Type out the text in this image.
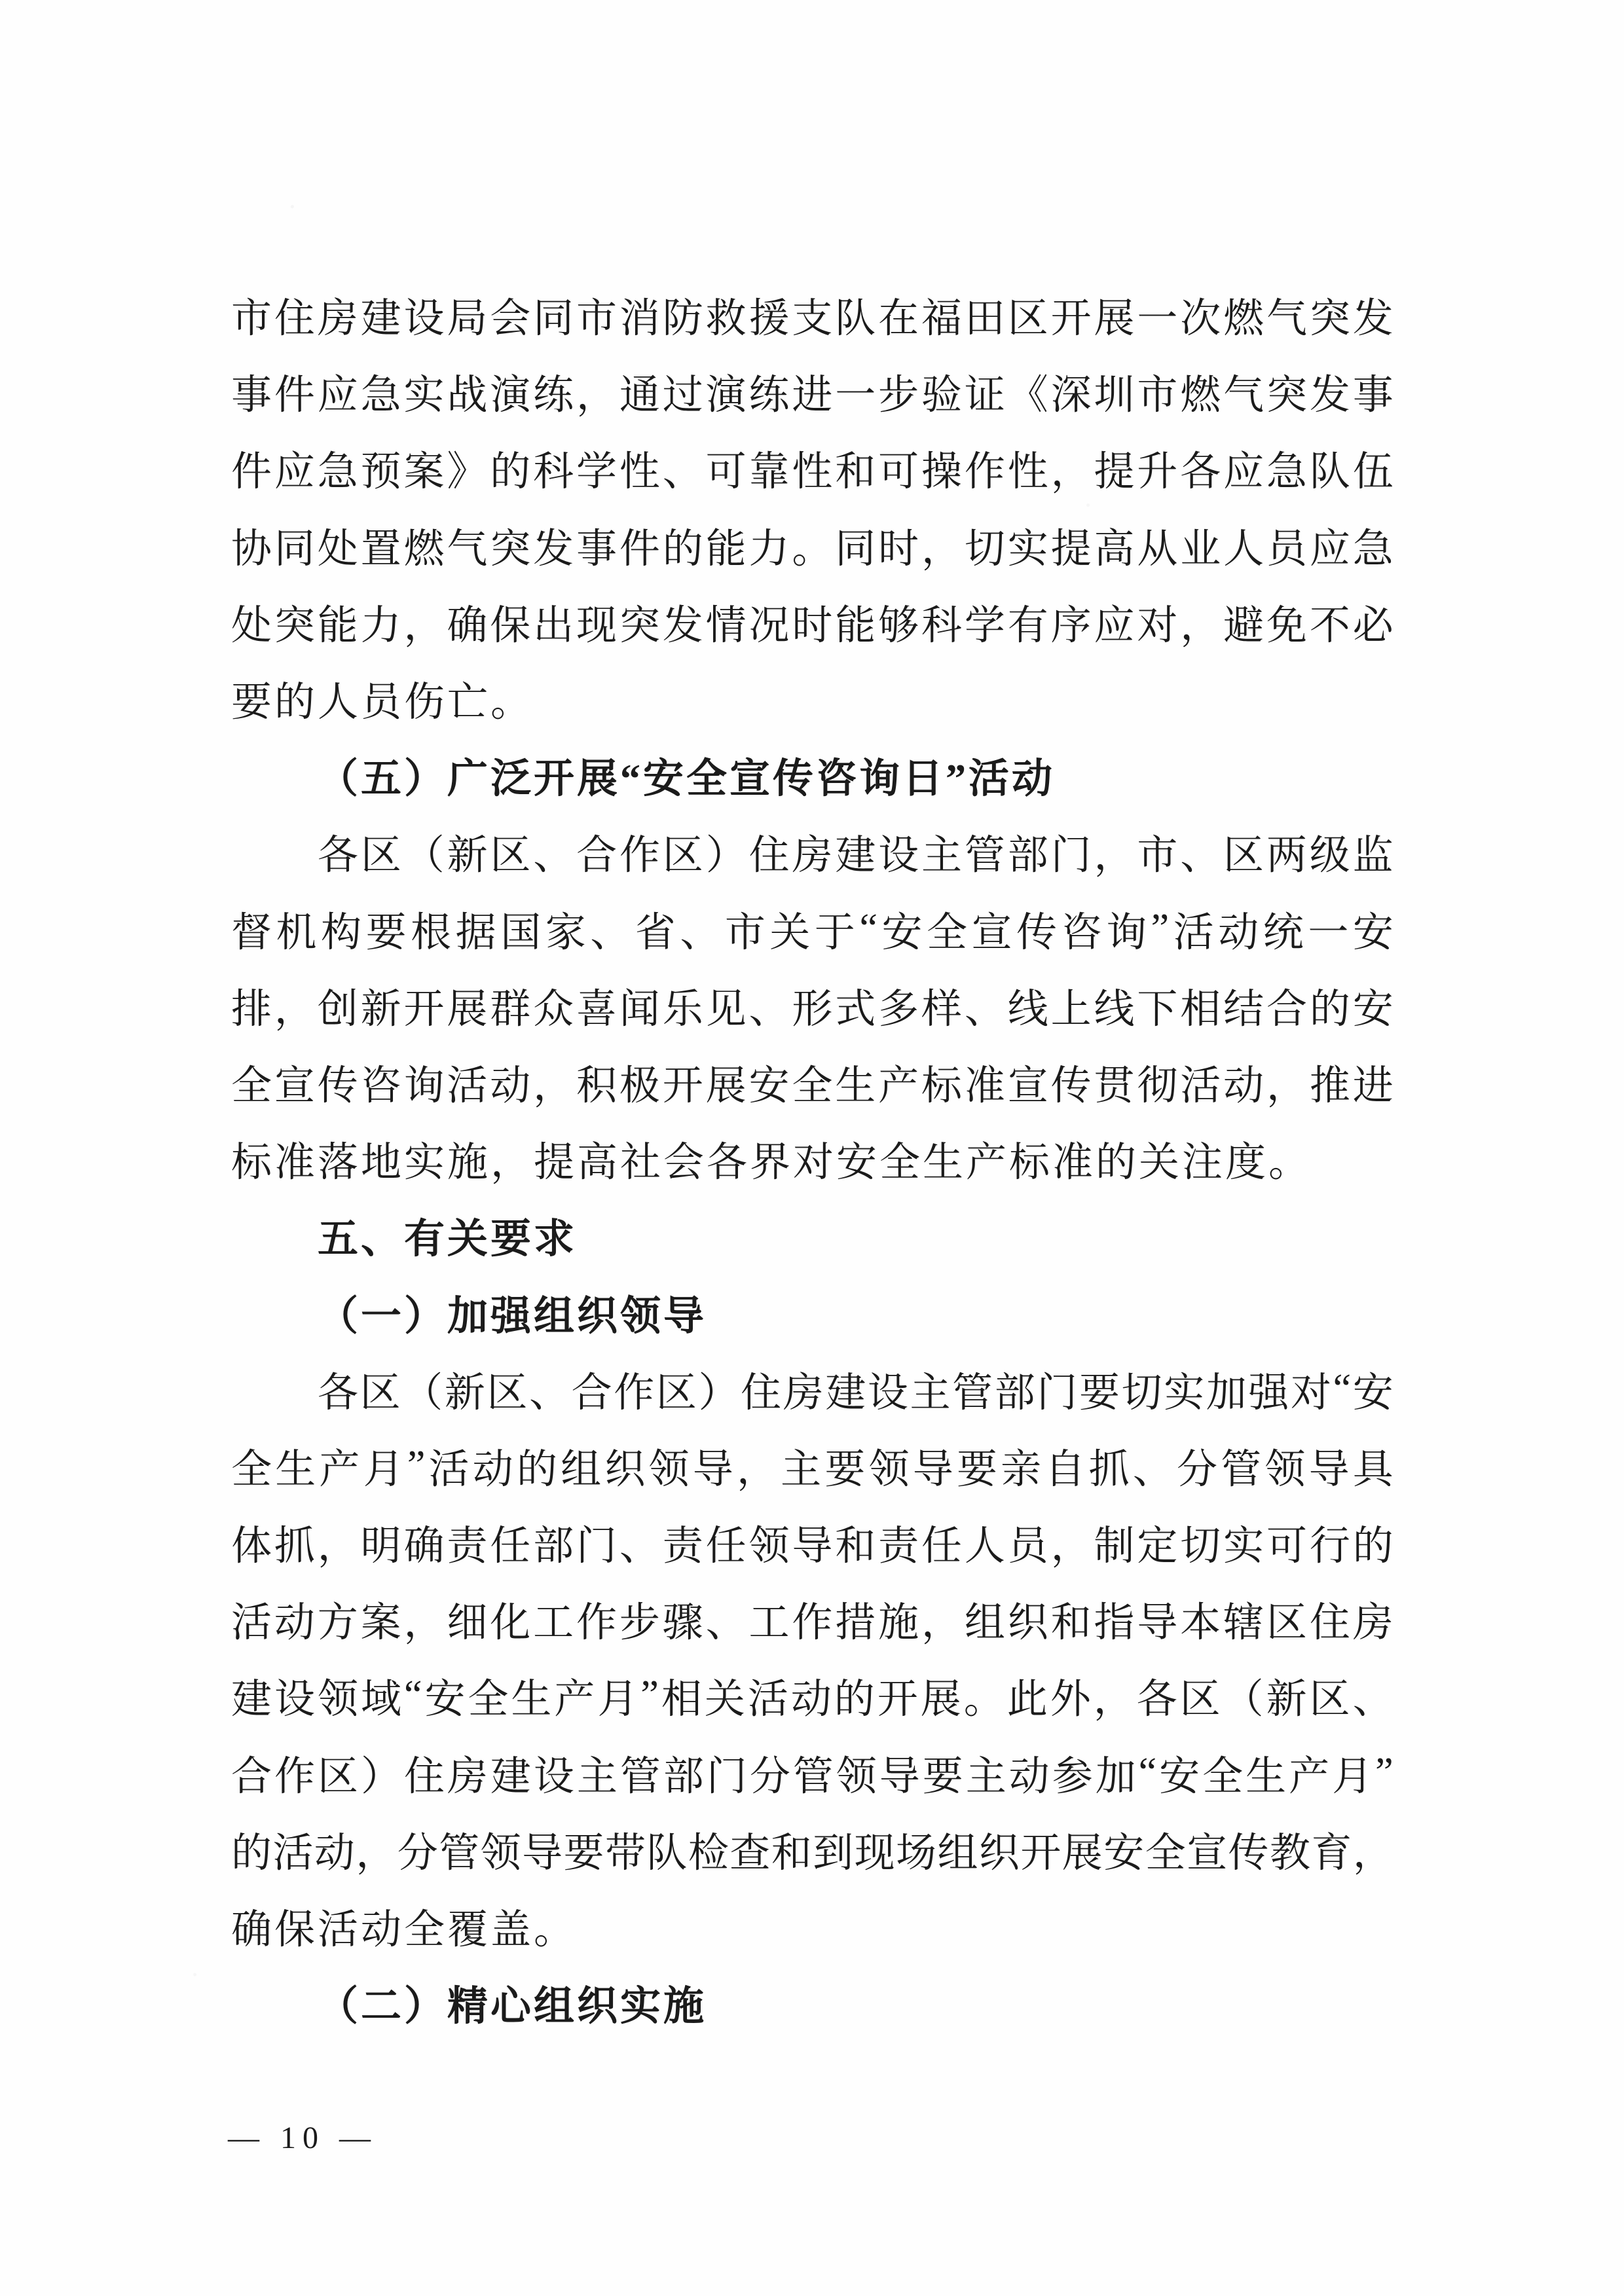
市 住 房 建 设 局 会 同 市 消 防 救 援 支 队 在 福 田 区 开 展 一 次 燃 气 突 发
事 件 应 急 实 战 演 练 ， 通 过 演 练 进 一 步 验 证 《 深 圳 市 燃 气 突 发 事
件 应 急 预 案 》 的 科 学 性 、 可 靠 性 和 可 操 作 性 ， 提 升 各 应 急 队 伍
协 同 处 置 燃 气 突 发 事 件 的 能 力 。 同 时 ， 切 实 提 高 从 业 人 员 应 急
处 突 能 力 ， 确 保 出 现 突 发 情 况 时 能 够 科 学 有 序 应 对 ， 避 免 不 必
要的人员伤亡。
（五）广泛开展“安全宣传咨询日”活动
各 区 （ 新 区 、 合 作 区 ） 住 房 建 设 主 管 部 门 ， 市 、 区 两 级 监
督 机 构 要 根 据 国 家 、 省 、 市 关 于 “ 安 全 宣 传 咨 询 ” 活 动 统 一 安
排 ， 创 新 开 展 群 众 喜 闻 乐 见 、 形 式 多 样 、 线 上 线 下 相 结 合 的 安
全 宣 传 咨 询 活 动 ， 积 极 开 展 安 全 生 产 标 准 宣 传 贯 彻 活 动 ， 推 进
标准落地实施，提高社会各界对安全生产标准的关注度。
五、有关要求
（一）加强组织领导
各 区 （ 新 区 、 合 作 区 ） 住 房 建 设 主 管 部 门 要 切 实 加 强 对 “ 安
全 生 产 月 ” 活 动 的 组 织 领 导 ， 主 要 领 导 要 亲 自 抓 、 分 管 领 导 具
体 抓 ， 明 确 责 任 部 门 、 责 任 领 导 和 责 任 人 员 ， 制 定 切 实 可 行 的
活 动 方 案 ， 细 化 工 作 步 骤 、 工 作 措 施 ， 组 织 和 指 导 本 辖 区 住 房
建 设 领 域 “ 安 全 生 产 月 ” 相 关 活 动 的 开 展 。 此 外 ， 各 区 （ 新 区 、
合 作 区 ） 住 房 建 设 主 管 部 门 分 管 领 导 要 主 动 参 加 “ 安 全 生 产 月 ”
的 活 动 ， 分 管 领 导 要 带 队 检 查 和 到 现 场 组 织 开 展 安 全 宣 传 教 育 ，
确保活动全覆盖。
（二）精心组织实施
— 10 —
